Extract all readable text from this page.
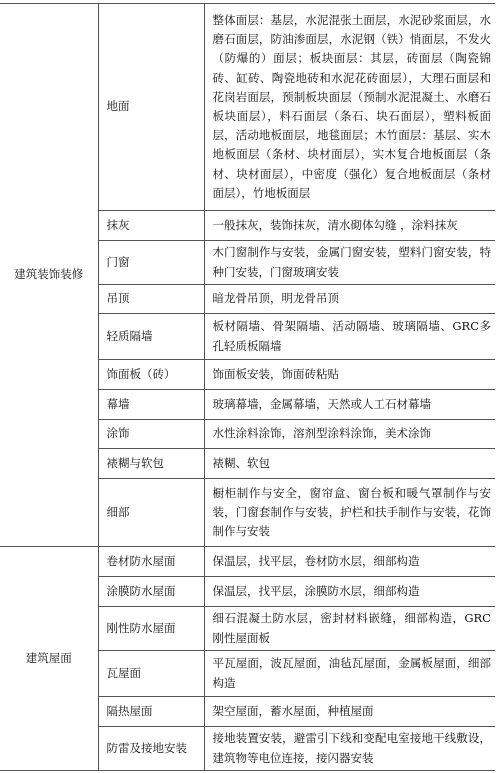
建筑装饰装修	地面	整体面层：基层，水泥混张土面层，水泥砂浆面层，水磨石面层，防油渗面层，水泥钢（铁）悄面层，不发火（防爆的）面层；板块面层：其层，砖面层（陶瓷锦砖、缸砖、陶瓷地砖和水泥花砖面层），大理石面层和花岗岩面层，预制板块面层（预制水泥混凝土、水磨石板块面层），料石面层（条石、块石面层），塑料板面层，活动地板面层，地毯面层；木竹面层：基层、实木地板面层（条材、块材面层），实木复合地板面层（条材、块材面层），中密度（强化）复合地板面层（条材面层），竹地板面层
	抹灰	一般抹灰，装饰抹灰，清水砌体勾缝 ，涂料抹灰
	门窗	木门窗制作与安装，金属门窗安装，塑料门窗安装，特种门安装，门窗玻璃安装
	吊顶	暗龙骨吊顶，明龙骨吊顶
	轻质隔墙	板材隔墙、骨架隔墙、活动隔墙、玻璃隔墙、GRC多孔轻质板隔墙
	饰面板（砖）	饰面板安装，饰面砖粘贴
	幕墙	玻璃幕墙，金属幕墙，天然或人工石材幕墙
	涂饰	水性涂料涂饰，溶剂型涂料涂饰，美术涂饰
	裱糊与软包	裱糊、软包
	细部	橱柜制作与安全，窗帘盒、窗台板和暖气罩制作与安装，门窗套制作与安装，护栏和扶手制作与安装，花饰制作与安装
建筑屋面	卷材防水屋面	保温层，找平层，卷材防水层，细部构造
	涂膜防水屋面	保温层，找平层，涂膜防水层，细部构造
	刚性防水屋面	细石混凝土防水层，密封材料嵌缝，细部构造，GRC 刚性屋面板
	瓦屋面	平瓦屋面，波瓦屋面，油毡瓦屋面，金属板屋面，细部构造
	隔热屋面	架空屋面，蓄水屋面，种植屋面
	防雷及接地安装	接地装置安装，避雷引下线和变配电室接地干线敷设，建筑物等电位连接，接闪器安装
